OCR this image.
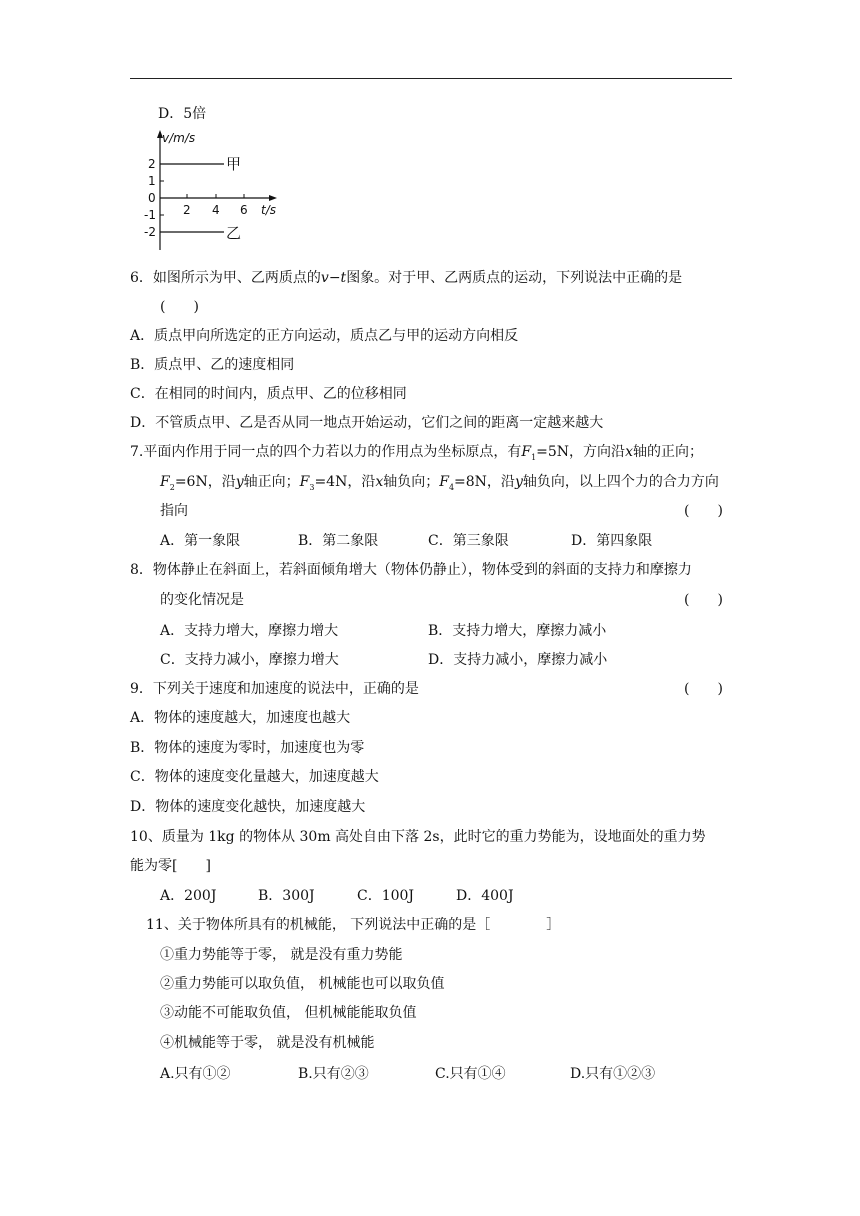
D．5倍
v/m/s
2
1
0
-1
-2
2 4 6 t/s
甲
乙
6．如图所示为甲、乙两质点的v−t图象。对于甲、乙两质点的运动，下列说法中正确的是
(　　)
A．质点甲向所选定的正方向运动，质点乙与甲的运动方向相反
B．质点甲、乙的速度相同
C．在相同的时间内，质点甲、乙的位移相同
D．不管质点甲、乙是否从同一地点开始运动，它们之间的距离一定越来越大
7.平面内作用于同一点的四个力若以力的作用点为坐标原点，有$F_1=5N$，方向沿x轴的正向；
$F_2=6N$，沿y轴正向；$F_3=4N$，沿x轴负向；$F_4=8N$，沿y轴负向，以上四个力的合力方向
指向	(　　)
A．第一象限	B．第二象限	C．第三象限	D．第四象限
8．物体静止在斜面上，若斜面倾角增大（物体仍静止），物体受到的斜面的支持力和摩擦力
的变化情况是	(　　)
A．支持力增大，摩擦力增大	B．支持力增大，摩擦力减小
C．支持力减小，摩擦力增大	D．支持力减小，摩擦力减小
9．下列关于速度和加速度的说法中，正确的是	(　　)
A．物体的速度越大，加速度也越大
B．物体的速度为零时，加速度也为零
C．物体的速度变化量越大，加速度越大
D．物体的速度变化越快，加速度越大
10、质量为 1kg 的物体从 30m 高处自由下落 2s，此时它的重力势能为，设地面处的重力势
能为零[　　]
A．200J	B．300J	C．100J	D．400J
11、关于物体所具有的机械能， 下列说法中正确的是［　　　　］
①重力势能等于零， 就是没有重力势能
②重力势能可以取负值， 机械能也可以取负值
③动能不可能取负值， 但机械能能取负值
④机械能等于零， 就是没有机械能
A.只有①②	B.只有②③	C.只有①④	D.只有①②③
